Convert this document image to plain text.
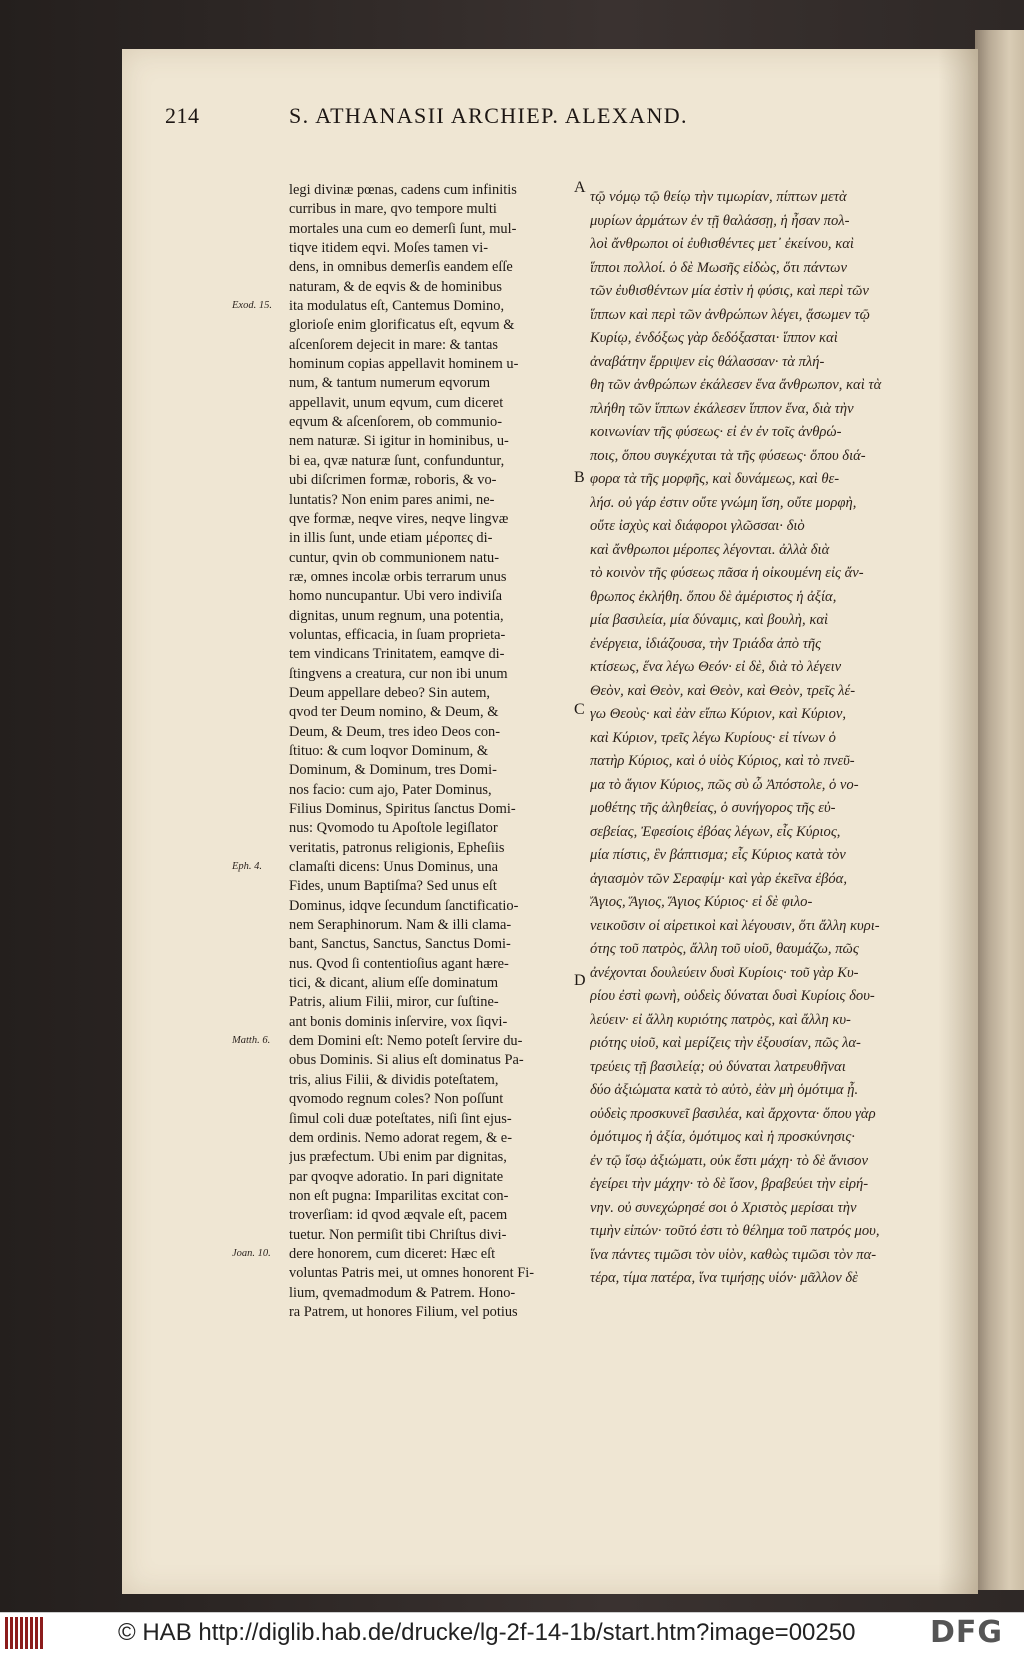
214	S. ATHANASII ARCHIEP. ALEXAND.
legi divinæ pœnas, cadens cum infinitis
curribus in mare, qvo tempore multi
mortales una cum eo demerſi ſunt, mul-
tiqve itidem eqvi. Moſes tamen vi-
dens, in omnibus demerſis eandem eſſe
naturam, & de eqvis & de hominibus
ita modulatus eſt, Cantemus Domino,
glorioſe enim glorificatus eſt, eqvum &
aſcenſorem dejecit in mare: & tantas
hominum copias appellavit hominem u-
num, & tantum numerum eqvorum
appellavit, unum eqvum, cum diceret
eqvum & aſcenſorem, ob communio-
nem naturæ. Si igitur in hominibus, u-
bi ea, qvæ naturæ ſunt, confunduntur,
ubi diſcrimen formæ, roboris, & vo-
luntatis? Non enim pares animi, ne-
qve formæ, neqve vires, neqve lingvæ
in illis ſunt, unde etiam μέροπες di-
cuntur, qvin ob communionem natu-
ræ, omnes incolæ orbis terrarum unus
homo nuncupantur. Ubi vero indiviſa
dignitas, unum regnum, una potentia,
voluntas, efficacia, in ſuam proprieta-
tem vindicans Trinitatem, eamqve di-
ſtingvens a creatura, cur non ibi unum
Deum appellare debeo? Sin autem,
qvod ter Deum nomino, & Deum, &
Deum, & Deum, tres ideo Deos con-
ſtituo: & cum loqvor Dominum, &
Dominum, & Dominum, tres Domi-
nos facio: cum ajo, Pater Dominus,
Filius Dominus, Spiritus ſanctus Domi-
nus: Qvomodo tu Apoſtole legiſlator
veritatis, patronus religionis, Epheſiis
clamaſti dicens: Unus Dominus, una
Fides, unum Baptiſma? Sed unus eſt
Dominus, idqve ſecundum ſanctificatio-
nem Seraphinorum. Nam & illi clama-
bant, Sanctus, Sanctus, Sanctus Domi-
nus. Qvod ſi contentioſius agant hære-
tici, & dicant, alium eſſe dominatum
Patris, alium Filii, miror, cur ſuſtine-
ant bonis dominis inſervire, vox ſiqvi-
dem Domini eſt: Nemo poteſt ſervire du-
obus Dominis. Si alius eſt dominatus Pa-
tris, alius Filii, & dividis poteſtatem,
qvomodo regnum coles? Non poſſunt
ſimul coli duæ poteſtates, niſi ſint ejus-
dem ordinis. Nemo adorat regem, & e-
jus præfectum. Ubi enim par dignitas,
par qvoqve adoratio. In pari dignitate
non eſt pugna: Imparilitas excitat con-
troverſiam: id qvod æqvale eſt, pacem
tuetur. Non permiſit tibi Chriſtus divi-
dere honorem, cum diceret: Hæc eſt
voluntas Patris mei, ut omnes honorent Fi-
lium, qvemadmodum & Patrem. Hono-
ra Patrem, ut honores Filium, vel potius
τῷ νόμῳ τῷ θείῳ τὴν τιμωρίαν, πίπτων μετὰ
μυρίων ἁρμάτων ἐν τῇ θαλάσσῃ, ἡ ἦσαν πολ-
λοὶ ἄνθρωποι οἱ ἐυθισθέντες μετ᾽ ἐκείνου, καὶ
ἵπποι πολλοί. ὁ δὲ Μωσῆς εἰδὼς, ὅτι πάντων
τῶν ἐυθισθέντων μία ἐστὶν ἡ φύσις, καὶ περὶ τῶν
ἵππων καὶ περὶ τῶν ἀνθρώπων λέγει, ᾄσωμεν τῷ
Κυρίῳ, ἐνδόξως γὰρ δεδόξασται· ἵππον καὶ
ἀναβάτην ἔρριψεν εἰς θάλασσαν· τὰ πλή-
θη τῶν ἀνθρώπων ἐκάλεσεν ἕνα ἄνθρωπον, καὶ τὰ
πλήθη τῶν ἵππων ἐκάλεσεν ἵππον ἕνα, διὰ τὴν
κοινωνίαν τῆς φύσεως· εἰ ἐν ἐν τοῖς ἀνθρώ-
ποις, ὅπου συγκέχυται τὰ τῆς φύσεως· ὅπου διά-
φορα τὰ τῆς μορφῆς, καὶ δυνάμεως, καὶ θε-
λήσ. οὐ γάρ ἐστιν οὔτε γνώμη ἴση, οὔτε μορφὴ,
οὔτε ἰσχὺς καὶ διάφοροι γλῶσσαι· διὸ
καὶ ἄνθρωποι μέροπες λέγονται. ἀλλὰ διὰ
τὸ κοινὸν τῆς φύσεως πᾶσα ἡ οἰκουμένη εἰς ἄν-
θρωπος ἐκλήθη. ὅπου δὲ ἀμέριστος ἡ ἀξία,
μία βασιλεία, μία δύναμις, καὶ βουλὴ, καὶ
ἐνέργεια, ἰδιάζουσα, τὴν Τριάδα ἀπὸ τῆς
κτίσεως, ἕνα λέγω Θεόν· εἰ δὲ, διὰ τὸ λέγειν
Θεὸν, καὶ Θεὸν, καὶ Θεὸν, καὶ Θεὸν, τρεῖς λέ-
γω Θεοὺς· καὶ ἐὰν εἴπω Κύριον, καὶ Κύριον,
καὶ Κύριον, τρεῖς λέγω Κυρίους· εἰ τίνων ὁ
πατὴρ Κύριος, καὶ ὁ υἱὸς Κύριος, καὶ τὸ πνεῦ-
μα τὸ ἅγιον Κύριος, πῶς σὺ ὦ Ἀπόστολε, ὁ νο-
μοθέτης τῆς ἀληθείας, ὁ συνήγορος τῆς εὐ-
σεβείας, Ἐφεσίοις ἐβόας λέγων, εἷς Κύριος,
μία πίστις, ἓν βάπτισμα; εἷς Κύριος κατὰ τὸν
ἁγιασμὸν τῶν Σεραφίμ· καὶ γὰρ ἐκεῖνα ἐβόα,
Ἅγιος, Ἅγιος, Ἅγιος Κύριος· εἰ δὲ φιλο-
νεικοῦσιν οἱ αἱρετικοὶ καὶ λέγουσιν, ὅτι ἄλλη κυρι-
ότης τοῦ πατρὸς, ἄλλη τοῦ υἱοῦ, θαυμάζω, πῶς
ἀνέχονται δουλεύειν δυσὶ Κυρίοις· τοῦ γὰρ Κυ-
ρίου ἐστὶ φωνὴ, οὐδεὶς δύναται δυσὶ Κυρίοις δου-
λεύειν· εἰ ἄλλη κυριότης πατρὸς, καὶ ἄλλη κυ-
ριότης υἱοῦ, καὶ μερίζεις τὴν ἐξουσίαν, πῶς λα-
τρεύεις τῇ βασιλείᾳ; οὐ δύναται λατρευθῆναι
δύο ἀξιώματα κατὰ τὸ αὐτὸ, ἐὰν μὴ ὁμότιμα ᾖ.
οὐδεὶς προσκυνεῖ βασιλέα, καὶ ἄρχοντα· ὅπου γὰρ
ὁμότιμος ἡ ἀξία, ὁμότιμος καὶ ἡ προσκύνησις·
ἐν τῷ ἴσῳ ἀξιώματι, οὐκ ἔστι μάχη· τὸ δὲ ἄνισον
ἐγείρει τὴν μάχην· τὸ δὲ ἴσον, βραβεύει τὴν εἰρή-
νην. οὐ συνεχώρησέ σοι ὁ Χριστὸς μερίσαι τὴν
τιμὴν εἰπών· τοῦτό ἐστι τὸ θέλημα τοῦ πατρός μου,
ἵνα πάντες τιμῶσι τὸν υἱὸν, καθὼς τιμῶσι τὸν πα-
τέρα, τίμα πατέρα, ἵνα τιμήσῃς υἱόν· μᾶλλον δὲ
Exod. 15.
Eph. 4.
Matth. 6.
Joan. 10.
A
B
C
D
© HAB http://diglib.hab.de/drucke/lg-2f-14-1b/start.htm?image=00250 DFG
